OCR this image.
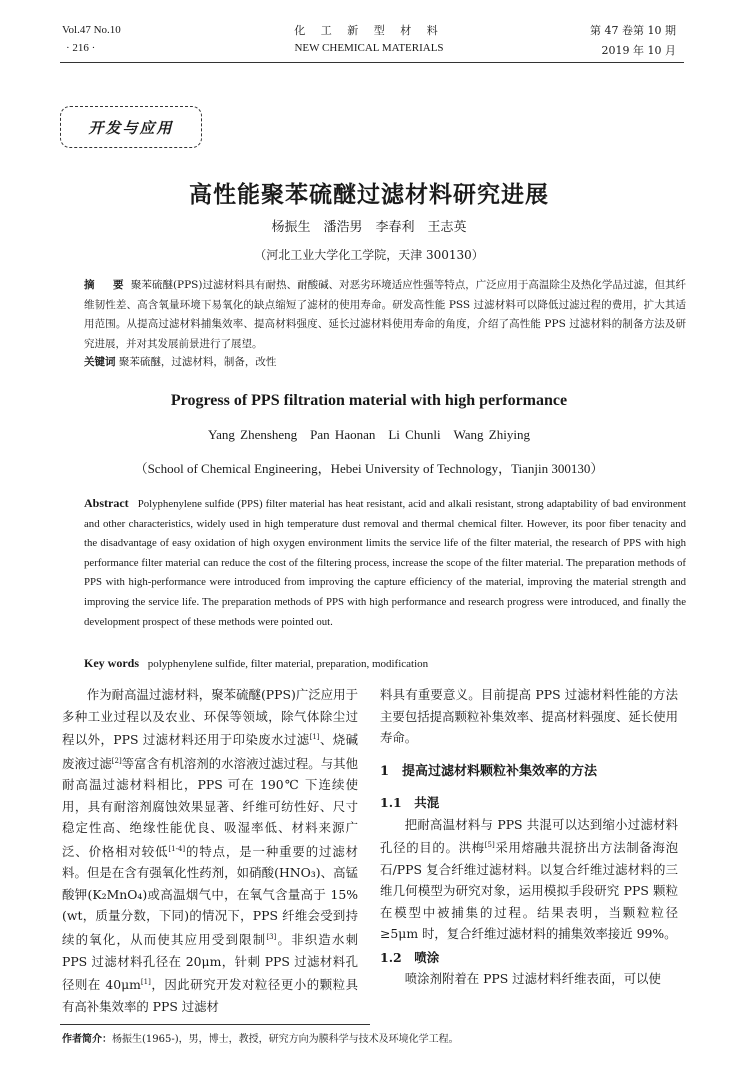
Vol.47 No.10
· 216 ·
化 工 新 型 材 料
NEW CHEMICAL MATERIALS
第 47 卷第 10 期
2019 年 10 月
开发与应用
高性能聚苯硫醚过滤材料研究进展
杨振生　潘浩男　李春利　王志英
（河北工业大学化工学院，天津 300130）
摘　要 聚苯硫醚(PPS)过滤材料具有耐热、耐酸碱、对恶劣环境适应性强等特点，广泛应用于高温除尘及热化学品过滤，但其纤维韧性差、高含氧量环境下易氧化的缺点缩短了滤材的使用寿命。研发高性能 PSS 过滤材料可以降低过滤过程的费用，扩大其适用范围。从提高过滤材料捕集效率、提高材料强度、延长过滤材料使用寿命的角度，介绍了高性能 PPS 过滤材料的制备方法及研究进展，并对其发展前景进行了展望。
关键词 聚苯硫醚，过滤材料，制备，改性
Progress of PPS filtration material with high performance
Yang Zhensheng　Pan Haonan　Li Chunli　Wang Zhiying
（School of Chemical Engineering，Hebei University of Technology，Tianjin 300130）
Abstract Polyphenylene sulfide (PPS) filter material has heat resistant, acid and alkali resistant, strong adaptability of bad environment and other characteristics, widely used in high temperature dust removal and thermal chemical filter. However, its poor fiber tenacity and the disadvantage of easy oxidation of high oxygen environment limits the service life of the filter material, the research of PPS with high performance filter material can reduce the cost of the filtering process, increase the scope of the filter material. The preparation methods of PPS with high-performance were introduced from improving the capture efficiency of the material, improving the material strength and improving the service life. The preparation methods of PPS with high performance and research progress were introduced, and finally the development prospect of these methods were pointed out.
Key words polyphenylene sulfide, filter material, preparation, modification

作为耐高温过滤材料，聚苯硫醚(PPS)广泛应用于多种工业过程以及农业、环保等领域，除气体除尘过程以外，PPS 过滤材料还用于印染废水过滤[1]、烧碱废液过滤[2]等富含有机溶剂的水溶液过滤过程。与其他耐高温过滤材料相比，PPS 可在 190℃ 下连续使用，具有耐溶剂腐蚀效果显著、纤维可纺性好、尺寸稳定性高、绝缘性能优良、吸湿率低、材料来源广泛、价格相对较低[1-4]的特点，是一种重要的过滤材料。但是在含有强氧化性药剂，如硝酸(HNO₃)、高锰酸钾(K₂MnO₄)或高温烟气中，在氧气含量高于 15%(wt，质量分数，下同)的情况下，PPS 纤维会受到持续的氧化，从而使其应用受到限制[3]。非织造水刺 PPS 过滤材料孔径在 20μm，针刺 PPS 过滤材料孔径则在 40μm[1]，因此研究开发对粒径更小的颗粒具有高补集效率的 PPS 过滤材

料具有重要意义。目前提高 PPS 过滤材料性能的方法主要包括提高颗粒补集效率、提高材料强度、延长使用寿命。

1　提高过滤材料颗粒补集效率的方法
1.1　共混

把耐高温材料与 PPS 共混可以达到缩小过滤材料孔径的目的。洪梅[5]采用熔融共混挤出方法制备海泡石/PPS 复合纤维过滤材料。以复合纤维过滤材料的三维几何模型为研究对象，运用模拟手段研究 PPS 颗粒在模型中被捕集的过程。结果表明，当颗粒粒径≥5μm 时，复合纤维过滤材料的捕集效率接近 99%。

1.2　喷涂

喷涂剂附着在 PPS 过滤材料纤维表面，可以使

作者简介：杨振生(1965-)，男，博士，教授，研究方向为膜科学与技术及环境化学工程。
